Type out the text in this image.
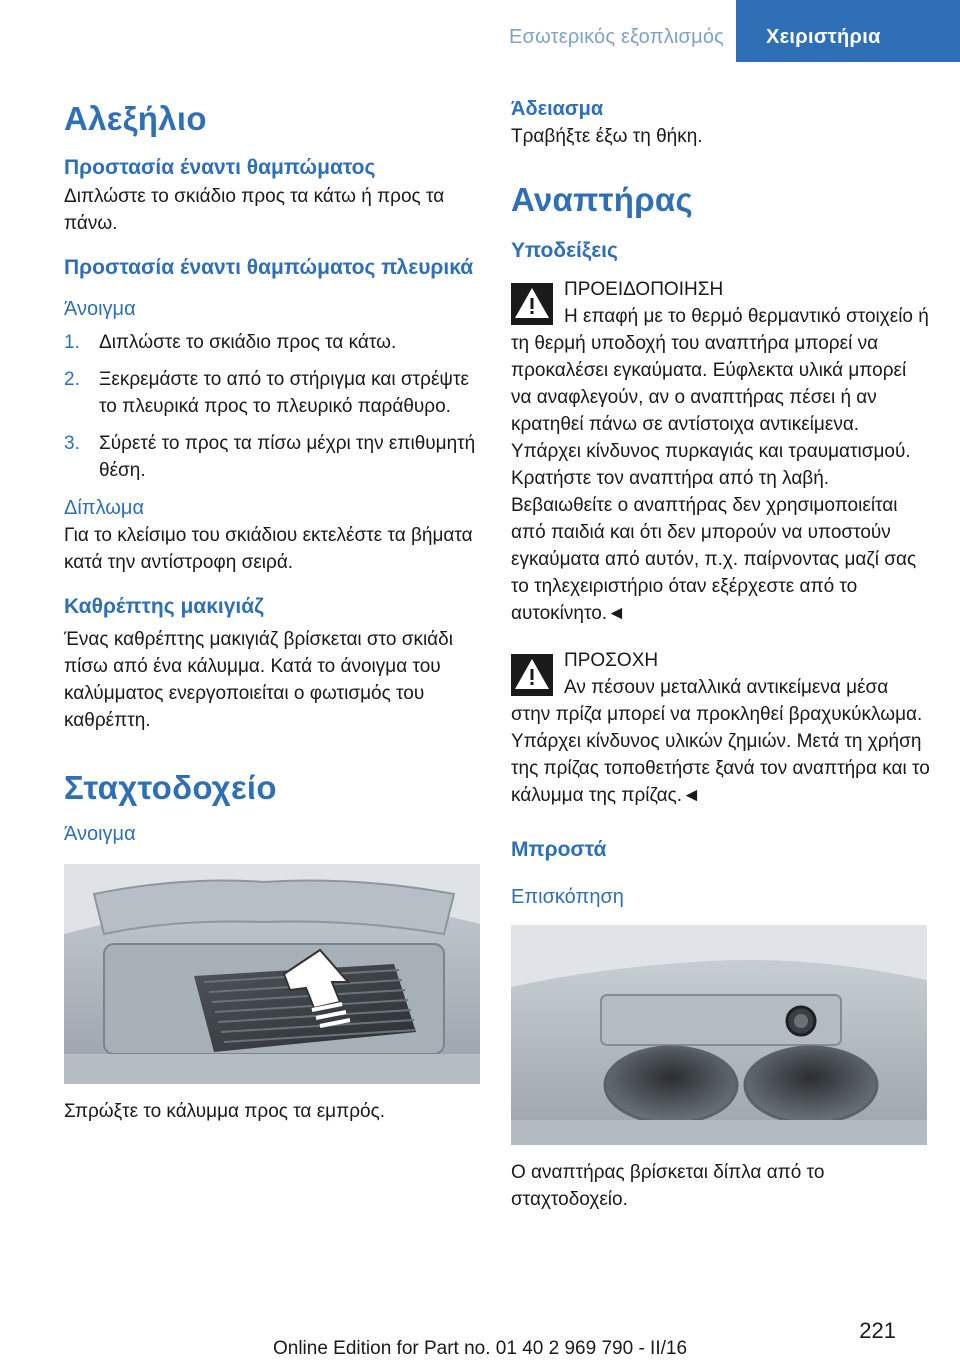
Εσωτερικός εξοπλισμός Χειριστήρια
Αλεξήλιο
Προστασία έναντι θαμπώματος

Διπλώστε το σκιάδιο προς τα κάτω ή προς τα πάνω.

Προστασία έναντι θαμπώματος πλευρικά
Άνοιγμα
1. Διπλώστε το σκιάδιο προς τα κάτω.
2. Ξεκρεμάστε το από το στήριγμα και στρέψτε το πλευρικά προς το πλευρικό παράθυρο.
3. Σύρετέ το προς τα πίσω μέχρι την επιθυμητή θέση.
Δίπλωμα

Για το κλείσιμο του σκιάδιου εκτελέστε τα βήματα κατά την αντίστροφη σειρά.

Καθρέπτης μακιγιάζ

Ένας καθρέπτης μακιγιάζ βρίσκεται στο σκιάδι πίσω από ένα κάλυμμα. Κατά το άνοιγμα του καλύμματος ενεργοποιείται ο φωτισμός του καθρέπτη.

Σταχτοδοχείο
Άνοιγμα

Σπρώξτε το κάλυμμα προς τα εμπρός.

Άδειασμα

Τραβήξτε έξω τη θήκη.

Αναπτήρας
Υποδείξεις
ΠΡΟΕΙΔΟΠΟΙΗΣΗ
Η επαφή με το θερμό θερμαντικό στοιχείο ή τη θερμή υποδοχή του αναπτήρα μπορεί να προκαλέσει εγκαύματα. Εύφλεκτα υλικά μπορεί να αναφλεγούν, αν ο αναπτήρας πέσει ή αν κρατηθεί πάνω σε αντίστοιχα αντικείμενα. Υπάρχει κίνδυνος πυρκαγιάς και τραυματισμού. Κρατήστε τον αναπτήρα από τη λαβή. Βεβαιωθείτε ο αναπτήρας δεν χρησιμοποιείται από παιδιά και ότι δεν μπορούν να υποστούν εγκαύματα από αυτόν, π.χ. παίρνοντας μαζί σας το τηλεχειριστήριο όταν εξέρχεστε από το αυτοκίνητο.◄
ΠΡΟΣΟΧΗ
Αν πέσουν μεταλλικά αντικείμενα μέσα στην πρίζα μπορεί να προκληθεί βραχυκύκλωμα. Υπάρχει κίνδυνος υλικών ζημιών. Μετά τη χρήση της πρίζας τοποθετήστε ξανά τον αναπτήρα και το κάλυμμα της πρίζας.◄
Μπροστά
Επισκόπηση

Ο αναπτήρας βρίσκεται δίπλα από το σταχτοδοχείο.

221
Online Edition for Part no. 01 40 2 969 790 - II/16
